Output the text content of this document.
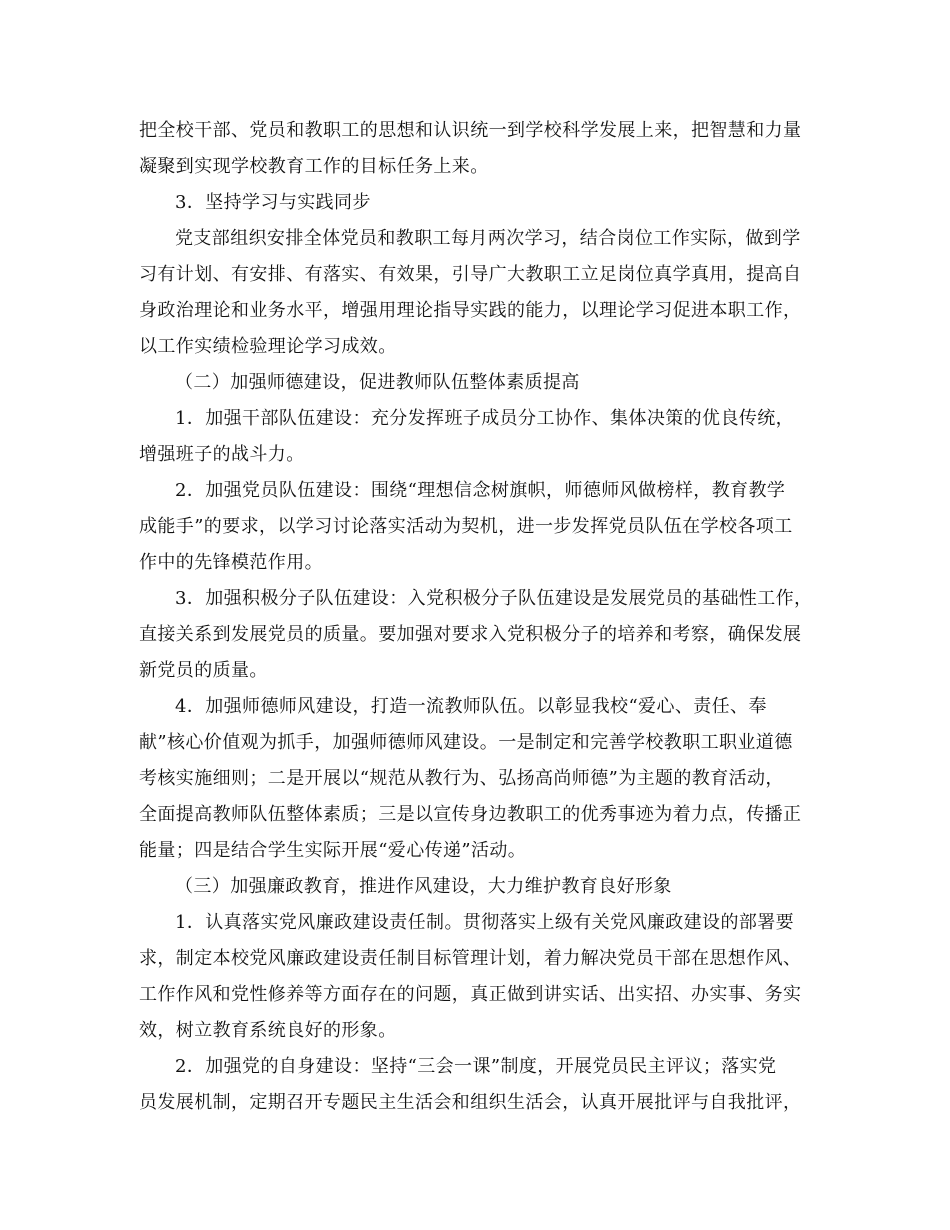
把全校干部、党员和教职工的思想和认识统一到学校科学发展上来，把智慧和力量
凝聚到实现学校教育工作的目标任务上来。
3．坚持学习与实践同步
党支部组织安排全体党员和教职工每月两次学习，结合岗位工作实际，做到学
习有计划、有安排、有落实、有效果，引导广大教职工立足岗位真学真用，提高自
身政治理论和业务水平，增强用理论指导实践的能力，以理论学习促进本职工作，
以工作实绩检验理论学习成效。
（二）加强师德建设，促进教师队伍整体素质提高
1．加强干部队伍建设：充分发挥班子成员分工协作、集体决策的优良传统，
增强班子的战斗力。
2．加强党员队伍建设：围绕“理想信念树旗帜，师德师风做榜样，教育教学
成能手”的要求，以学习讨论落实活动为契机，进一步发挥党员队伍在学校各项工
作中的先锋模范作用。
3．加强积极分子队伍建设：入党积极分子队伍建设是发展党员的基础性工作，
直接关系到发展党员的质量。要加强对要求入党积极分子的培养和考察，确保发展
新党员的质量。
4．加强师德师风建设，打造一流教师队伍。以彰显我校“爱心、责任、奉
献”核心价值观为抓手，加强师德师风建设。一是制定和完善学校教职工职业道德
考核实施细则；二是开展以“规范从教行为、弘扬高尚师德”为主题的教育活动，
全面提高教师队伍整体素质；三是以宣传身边教职工的优秀事迹为着力点，传播正
能量；四是结合学生实际开展“爱心传递”活动。
（三）加强廉政教育，推进作风建设，大力维护教育良好形象
1．认真落实党风廉政建设责任制。贯彻落实上级有关党风廉政建设的部署要
求，制定本校党风廉政建设责任制目标管理计划，着力解决党员干部在思想作风、
工作作风和党性修养等方面存在的问题，真正做到讲实话、出实招、办实事、务实
效，树立教育系统良好的形象。
2．加强党的自身建设：坚持“三会一课”制度，开展党员民主评议；落实党
员发展机制，定期召开专题民主生活会和组织生活会，认真开展批评与自我批评，
